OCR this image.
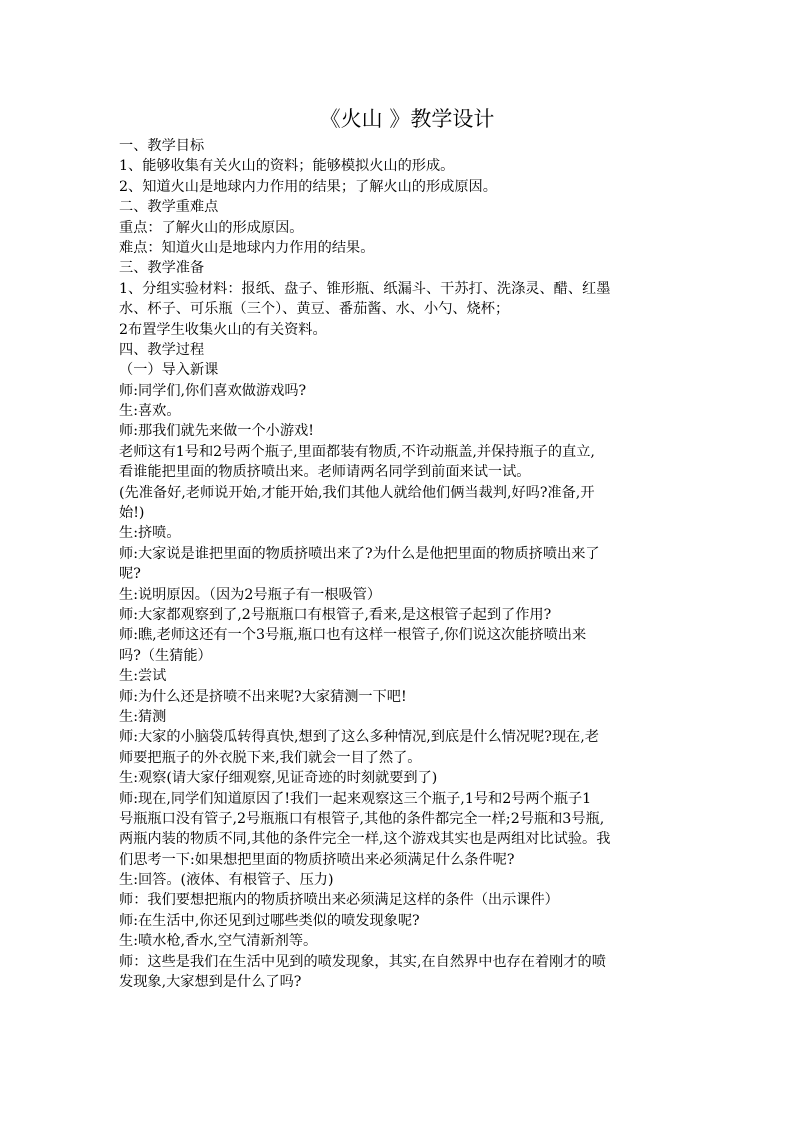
《火山 》教学设计
一、教学目标
1、能够收集有关火山的资料；能够模拟火山的形成。
2、知道火山是地球内力作用的结果；了解火山的形成原因。
二、教学重难点
重点：了解火山的形成原因。
难点：知道火山是地球内力作用的结果。
三、教学准备
1、分组实验材料：报纸、盘子、锥形瓶、纸漏斗、干苏打、洗涤灵、醋、红墨
水、杯子、可乐瓶（三个）、黄豆、番茄酱、水、小勺、烧杯；
2布置学生收集火山的有关资料。
四、教学过程
（一）导入新课
师:同学们,你们喜欢做游戏吗?
生:喜欢。
师:那我们就先来做一个小游戏!
老师这有1号和2号两个瓶子,里面都装有物质,不许动瓶盖,并保持瓶子的直立,
看谁能把里面的物质挤喷出来。老师请两名同学到前面来试一试。
(先准备好,老师说开始,才能开始,我们其他人就给他们俩当裁判,好吗?准备,开
始!)
生:挤喷。
师:大家说是谁把里面的物质挤喷出来了?为什么是他把里面的物质挤喷出来了
呢?
生:说明原因。（因为2号瓶子有一根吸管）
师:大家都观察到了,2号瓶瓶口有根管子,看来,是这根管子起到了作用?
师:瞧,老师这还有一个3号瓶,瓶口也有这样一根管子,你们说这次能挤喷出来
吗?（生猜能）
生:尝试
师:为什么还是挤喷不出来呢?大家猜测一下吧!
生:猜测
师:大家的小脑袋瓜转得真快,想到了这么多种情况,到底是什么情况呢?现在,老
师要把瓶子的外衣脱下来,我们就会一目了然了。
生:观察(请大家仔细观察,见证奇迹的时刻就要到了)
师:现在,同学们知道原因了!我们一起来观察这三个瓶子,1号和2号两个瓶子1
号瓶瓶口没有管子,2号瓶瓶口有根管子,其他的条件都完全一样;2号瓶和3号瓶,
两瓶内装的物质不同,其他的条件完全一样,这个游戏其实也是两组对比试验。我
们思考一下:如果想把里面的物质挤喷出来必须满足什么条件呢?
生:回答。(液体、有根管子、压力)
师：我们要想把瓶内的物质挤喷出来必须满足这样的条件（出示课件）
师:在生活中,你还见到过哪些类似的喷发现象呢?
生:喷水枪,香水,空气清新剂等。
师：这些是我们在生活中见到的喷发现象，其实,在自然界中也存在着刚才的喷
发现象,大家想到是什么了吗?
